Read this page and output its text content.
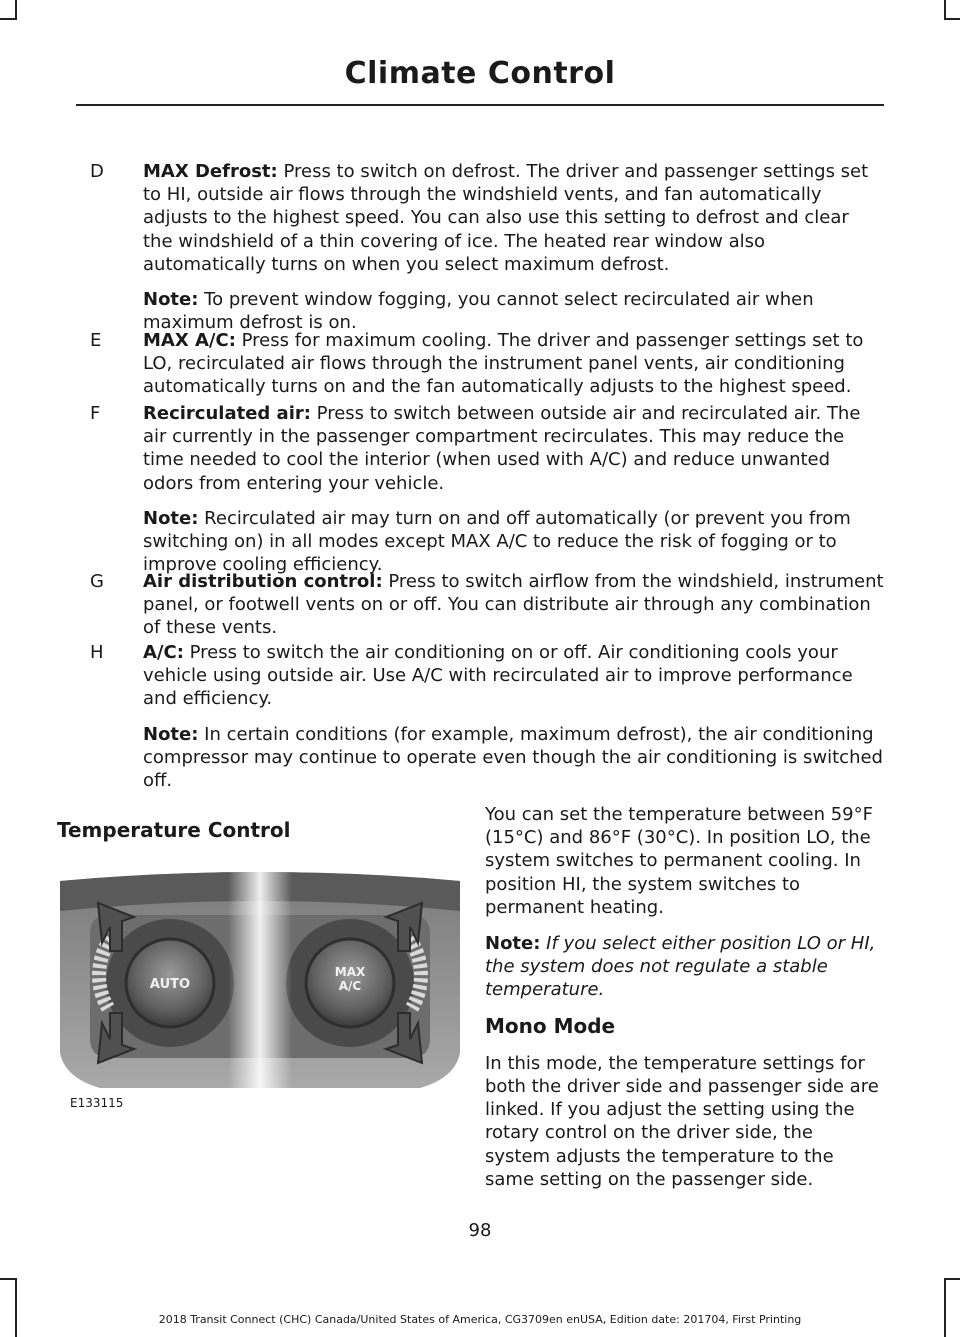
Climate Control
D	MAX Defrost: Press to switch on defrost. The driver and passenger settings set to HI, outside air flows through the windshield vents, and fan automatically adjusts to the highest speed. You can also use this setting to defrost and clear the windshield of a thin covering of ice. The heated rear window also automatically turns on when you select maximum defrost.

Note: To prevent window fogging, you cannot select recirculated air when maximum defrost is on.

E	MAX A/C: Press for maximum cooling. The driver and passenger settings set to LO, recirculated air flows through the instrument panel vents, air conditioning automatically turns on and the fan automatically adjusts to the highest speed.

F	Recirculated air: Press to switch between outside air and recirculated air. The air currently in the passenger compartment recirculates. This may reduce the time needed to cool the interior (when used with A/C) and reduce unwanted odors from entering your vehicle.

Note: Recirculated air may turn on and off automatically (or prevent you from switching on) in all modes except MAX A/C to reduce the risk of fogging or to improve cooling efficiency.

G	Air distribution control: Press to switch airflow from the windshield, instrument panel, or footwell vents on or off. You can distribute air through any combination of these vents.

H	A/C: Press to switch the air conditioning on or off. Air conditioning cools your vehicle using outside air. Use A/C with recirculated air to improve performance and efficiency.

Note: In certain conditions (for example, maximum defrost), the air conditioning compressor may continue to operate even though the air conditioning is switched off.

Temperature Control
AUTO
MAX
A/C
E133115

You can set the temperature between 59°F (15°C) and 86°F (30°C). In position LO, the system switches to permanent cooling. In position HI, the system switches to permanent heating.

Note: If you select either position LO or HI, the system does not regulate a stable temperature.

Mono Mode

In this mode, the temperature settings for both the driver side and passenger side are linked. If you adjust the setting using the rotary control on the driver side, the system adjusts the temperature to the same setting on the passenger side.

98
2018 Transit Connect (CHC) Canada/United States of America, CG3709en enUSA, Edition date: 201704, First Printing
